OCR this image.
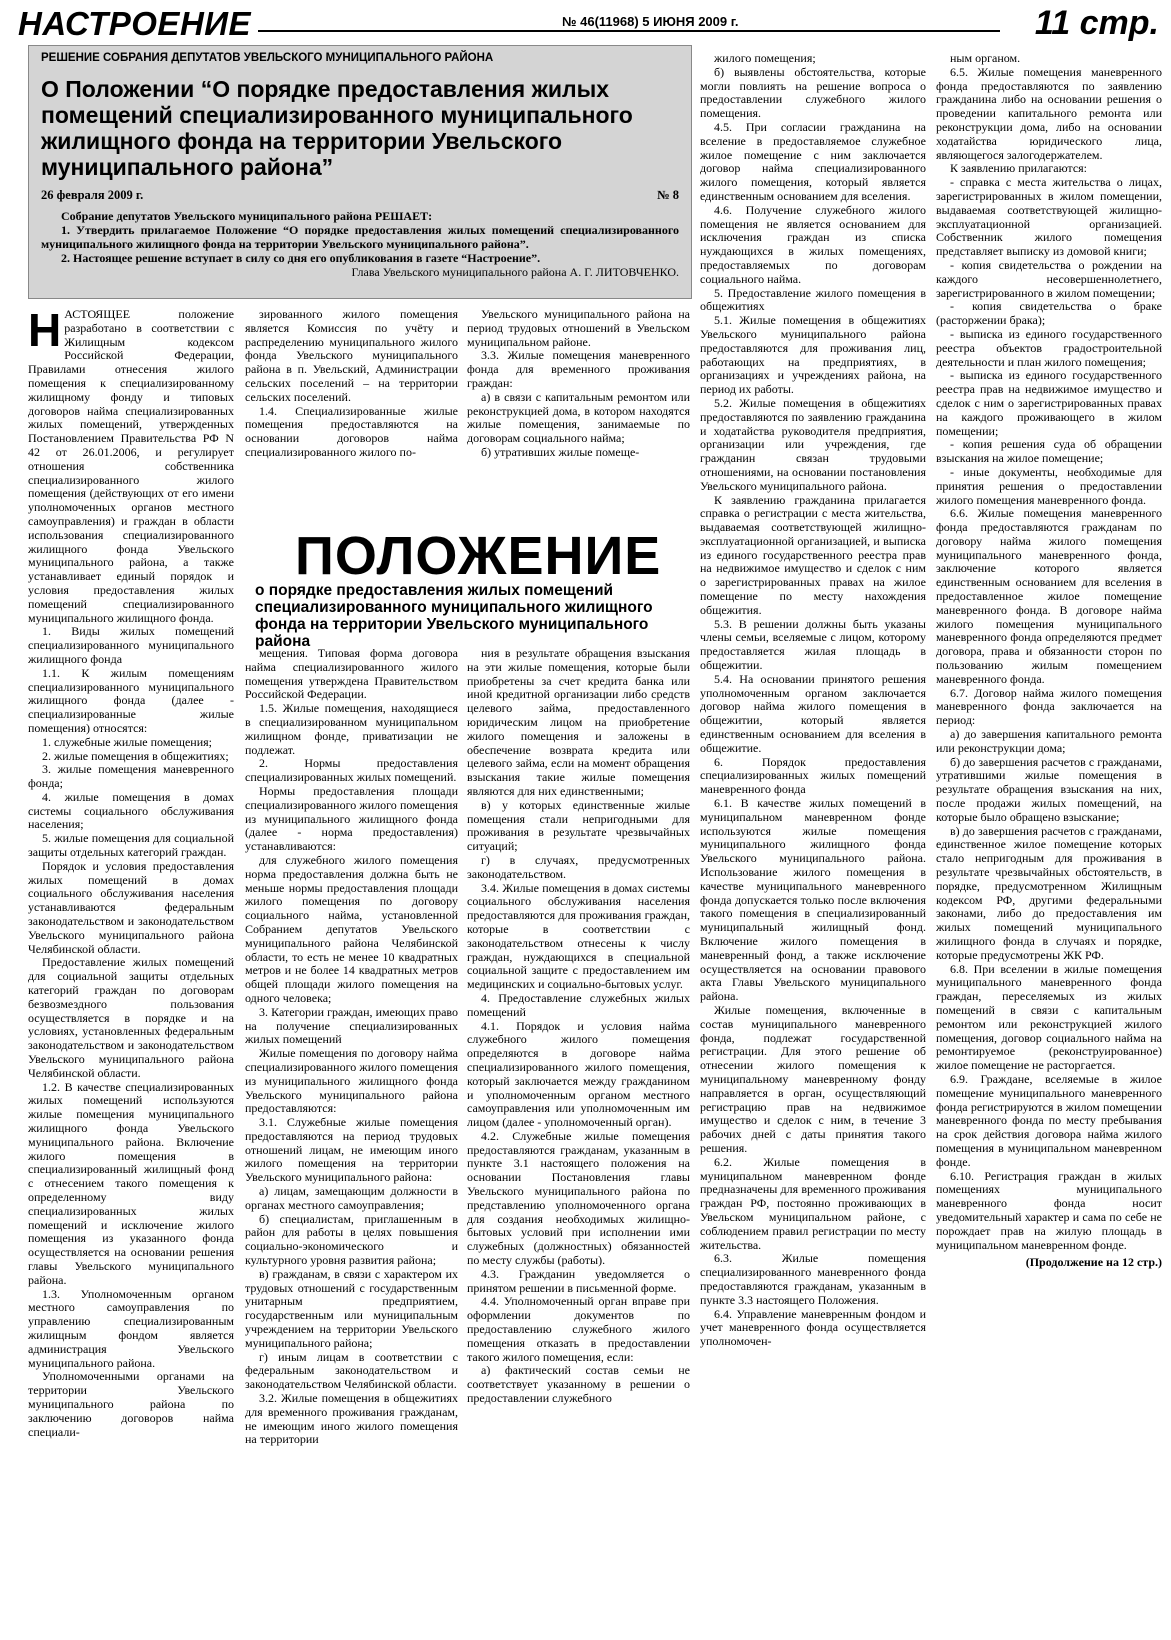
НАСТРОЕНИЕ	№ 46(11968) 5 ИЮНЯ 2009 г.	11 стр.
РЕШЕНИЕ СОБРАНИЯ ДЕПУТАТОВ УВЕЛЬСКОГО МУНИЦИПАЛЬНОГО РАЙОНА
О Положении “О порядке предоставления жилых помещений специализированного муниципального жилищного фонда на территории Увельского муниципального района”
26 февраля 2009 г.	№ 8

Собрание депутатов Увельского муниципального района РЕШАЕТ:

1. Утвердить прилагаемое Положение “О порядке предоставления жилых помещений специализированного муниципального жилищного фонда на территории Увельского муниципального района”.

2. Настоящее решение вступает в силу со дня его опубликования в газете “Настроение”.

Глава Увельского муниципального района А. Г. ЛИТОВЧЕНКО.
Н АСТОЯЩЕЕ положение разработано в соответствии с Жилищным кодексом Российской Федерации, Правилами отнесения жилого помещения к специализированному жилищному фонду и типовых договоров найма специализированных жилых помещений, утвержденных Постановлением Правительства РФ N 42 от 26.01.2006, и регулирует отношения собственника специализированного жилого помещения (действующих от его имени уполномоченных органов местного самоуправления) и граждан в области использования специализированного жилищного фонда Увельского муниципального района, а также устанавливает единый порядок и условия предоставления жилых помещений специализированного муниципального жилищного фонда.

1. Виды жилых помещений специализированного муниципального жилищного фонда

1.1. К жилым помещениям специализированного муниципального жилищного фонда (далее - специализированные жилые помещения) относятся:

1. служебные жилые помещения;

2. жилые помещения в общежитиях;

3. жилые помещения маневренного фонда;

4. жилые помещения в домах системы социального обслуживания населения;

5. жилые помещения для социальной защиты отдельных категорий граждан.

Порядок и условия предоставления жилых помещений в домах социального обслуживания населения устанавливаются федеральным законодательством и законодательством Увельского муниципального района Челябинской области.

Предоставление жилых помещений для социальной защиты отдельных категорий граждан по договорам безвозмездного пользования осуществляется в порядке и на условиях, установленных федеральным законодательством и законодательством Увельского муниципального района Челябинской области.

1.2. В качестве специализированных жилых помещений используются жилые помещения муниципального жилищного фонда Увельского муниципального района. Включение жилого помещения в специализированный жилищный фонд с отнесением такого помещения к определенному виду специализированных жилых помещений и исключение жилого помещения из указанного фонда осуществляется на основании решения главы Увельского муниципального района.

1.3. Уполномоченным органом местного самоуправления по управлению специализированным жилищным фондом является администрация Увельского муниципального района.

Уполномоченными органами на территории Увельского муниципального района по заключению договоров найма специали-

зированного жилого помещения является Комиссия по учёту и распределению муниципального жилого фонда Увельского муниципального района в п. Увельский, Администрации сельских поселений – на территории сельских поселений.

1.4. Специализированные жилые помещения предоставляются на основании договоров найма специализированного жилого по-

Увельского муниципального района на период трудовых отношений в Увельском муниципальном районе.

3.3. Жилые помещения маневренного фонда для временного проживания граждан:

а) в связи с капитальным ремонтом или реконструкцией дома, в котором находятся жилые помещения, занимаемые по договорам социального найма;

б) утративших жилые помеще-

ПОЛОЖЕНИЕ
о порядке предоставления жилых помещений специализированного муниципального жилищного фонда на территории Увельского муниципального района

мещения. Типовая форма договора найма специализированного жилого помещения утверждена Правительством Российской Федерации.

1.5. Жилые помещения, находящиеся в специализированном муниципальном жилищном фонде, приватизации не подлежат.

2. Нормы предоставления специализированных жилых помещений.

Нормы предоставления площади специализированного жилого помещения из муниципального жилищного фонда (далее - норма предоставления) устанавливаются:

для служебного жилого помещения норма предоставления должна быть не меньше нормы предоставления площади жилого помещения по договору социального найма, установленной Собранием депутатов Увельского муниципального района Челябинской области, то есть не менее 10 квадратных метров и не более 14 квадратных метров общей площади жилого помещения на одного человека;

3. Категории граждан, имеющих право на получение специализированных жилых помещений

Жилые помещения по договору найма специализированного жилого помещения из муниципального жилищного фонда Увельского муниципального района предоставляются:

3.1. Служебные жилые помещения предоставляются на период трудовых отношений лицам, не имеющим иного жилого помещения на территории Увельского муниципального района:

а) лицам, замещающим должности в органах местного самоуправления;

б) специалистам, приглашенным в район для работы в целях повышения социально-экономического и культурного уровня развития района;

в) гражданам, в связи с характером их трудовых отношений с государственным унитарным предприятием, государственным или муниципальным учреждением на территории Увельского муниципального района;

г) иным лицам в соответствии с федеральным законодательством и законодательством Челябинской области.

3.2. Жилые помещения в общежитиях для временного проживания гражданам, не имеющим иного жилого помещения на территории

ния в результате обращения взыскания на эти жилые помещения, которые были приобретены за счет кредита банка или иной кредитной организации либо средств целевого займа, предоставленного юридическим лицом на приобретение жилого помещения и заложены в обеспечение возврата кредита или целевого займа, если на момент обращения взыскания такие жилые помещения являются для них единственными;

в) у которых единственные жилые помещения стали непригодными для проживания в результате чрезвычайных ситуаций;

г) в случаях, предусмотренных законодательством.

3.4. Жилые помещения в домах системы социального обслуживания населения предоставляются для проживания граждан, которые в соответствии с законодательством отнесены к числу граждан, нуждающихся в специальной социальной защите с предоставлением им медицинских и социально-бытовых услуг.

4. Предоставление служебных жилых помещений

4.1. Порядок и условия найма служебного жилого помещения определяются в договоре найма специализированного жилого помещения, который заключается между гражданином и уполномоченным органом местного самоуправления или уполномоченным им лицом (далее - уполномоченный орган).

4.2. Служебные жилые помещения предоставляются гражданам, указанным в пункте 3.1 настоящего положения на основании Постановления главы Увельского муниципального района по представлению уполномоченного органа для создания необходимых жилищно-бытовых условий при исполнении ими служебных (должностных) обязанностей по месту службы (работы).

4.3. Гражданин уведомляется о принятом решении в письменной форме.

4.4. Уполномоченный орган вправе при оформлении документов по предоставлению служебного жилого помещения отказать в предоставлении такого жилого помещения, если:

а) фактический состав семьи не соответствует указанному в решении о предоставлении служебного

жилого помещения;

б) выявлены обстоятельства, которые могли повлиять на решение вопроса о предоставлении служебного жилого помещения.

4.5. При согласии гражданина на вселение в предоставляемое служебное жилое помещение с ним заключается договор найма специализированного жилого помещения, который является единственным основанием для вселения.

4.6. Получение служебного жилого помещения не является основанием для исключения граждан из списка нуждающихся в жилых помещениях, предоставляемых по договорам социального найма.

5. Предоставление жилого помещения в общежитиях

5.1. Жилые помещения в общежитиях Увельского муниципального района предоставляются для проживания лиц, работающих на предприятиях, в организациях и учреждениях района, на период их работы.

5.2. Жилые помещения в общежитиях предоставляются по заявлению гражданина и ходатайства руководителя предприятия, организации или учреждения, где гражданин связан трудовыми отношениями, на основании постановления Увельского муниципального района.

К заявлению гражданина прилагается справка о регистрации с места жительства, выдаваемая соответствующей жилищно-эксплуатационной организацией, и выписка из единого государственного реестра прав на недвижимое имущество и сделок с ним о зарегистрированных правах на жилое помещение по месту нахождения общежития.

5.3. В решении должны быть указаны члены семьи, вселяемые с лицом, которому предоставляется жилая площадь в общежитии.

5.4. На основании принятого решения уполномоченным органом заключается договор найма жилого помещения в общежитии, который является единственным основанием для вселения в общежитие.

6. Порядок предоставления специализированных жилых помещений маневренного фонда

6.1. В качестве жилых помещений в муниципальном маневренном фонде используются жилые помещения муниципального жилищного фонда Увельского муниципального района. Использование жилого помещения в качестве муниципального маневренного фонда допускается только после включения такого помещения в специализированный муниципальный жилищный фонд. Включение жилого помещения в маневренный фонд, а также исключение осуществляется на основании правового акта Главы Увельского муниципального района.

Жилые помещения, включенные в состав муниципального маневренного фонда, подлежат государственной регистрации. Для этого решение об отнесении жилого помещения к муниципальному маневренному фонду направляется в орган, осуществляющий регистрацию прав на недвижимое имущество и сделок с ним, в течение 3 рабочих дней с даты принятия такого решения.

6.2. Жилые помещения в муниципальном маневренном фонде предназначены для временного проживания граждан РФ, постоянно проживающих в Увельском муниципальном районе, с соблюдением правил регистрации по месту жительства.

6.3. Жилые помещения специализированного маневренного фонда предоставляются гражданам, указанным в пункте 3.3 настоящего Положения.

6.4. Управление маневренным фондом и учет маневренного фонда осуществляется уполномочен-

ным органом.

6.5. Жилые помещения маневренного фонда предоставляются по заявлению гражданина либо на основании решения о проведении капитального ремонта или реконструкции дома, либо на основании ходатайства юридического лица, являющегося залогодержателем.

К заявлению прилагаются:

- справка с места жительства о лицах, зарегистрированных в жилом помещении, выдаваемая соответствующей жилищно-эксплуатационной организацией. Собственник жилого помещения представляет выписку из домовой книги;

- копия свидетельства о рождении на каждого несовершеннолетнего, зарегистрированного в жилом помещении;

- копия свидетельства о браке (расторжении брака);

- выписка из единого государственного реестра объектов градостроительной деятельности и план жилого помещения;

- выписка из единого государственного реестра прав на недвижимое имущество и сделок с ним о зарегистрированных правах на каждого проживающего в жилом помещении;

- копия решения суда об обращении взыскания на жилое помещение;

- иные документы, необходимые для принятия решения о предоставлении жилого помещения маневренного фонда.

6.6. Жилые помещения маневренного фонда предоставляются гражданам по договору найма жилого помещения муниципального маневренного фонда, заключение которого является единственным основанием для вселения в предоставленное жилое помещение маневренного фонда. В договоре найма жилого помещения муниципального маневренного фонда определяются предмет договора, права и обязанности сторон по пользованию жилым помещением маневренного фонда.

6.7. Договор найма жилого помещения маневренного фонда заключается на период:

а) до завершения капитального ремонта или реконструкции дома;

б) до завершения расчетов с гражданами, утратившими жилые помещения в результате обращения взыскания на них, после продажи жилых помещений, на которые было обращено взыскание;

в) до завершения расчетов с гражданами, единственное жилое помещение которых стало непригодным для проживания в результате чрезвычайных обстоятельств, в порядке, предусмотренном Жилищным кодексом РФ, другими федеральными законами, либо до предоставления им жилых помещений муниципального жилищного фонда в случаях и порядке, которые предусмотрены ЖК РФ.

6.8. При вселении в жилые помещения муниципального маневренного фонда граждан, переселяемых из жилых помещений в связи с капитальным ремонтом или реконструкцией жилого помещения, договор социального найма на ремонтируемое (реконструированное) жилое помещение не расторгается.

6.9. Граждане, вселяемые в жилое помещение муниципального маневренного фонда регистрируются в жилом помещении маневренного фонда по месту пребывания на срок действия договора найма жилого помещения в муниципальном маневренном фонде.

6.10. Регистрация граждан в жилых помещениях муниципального маневренного фонда носит уведомительный характер и сама по себе не порождает прав на жилую площадь в муниципальном маневренном фонде.

(Продолжение на 12 стр.)
